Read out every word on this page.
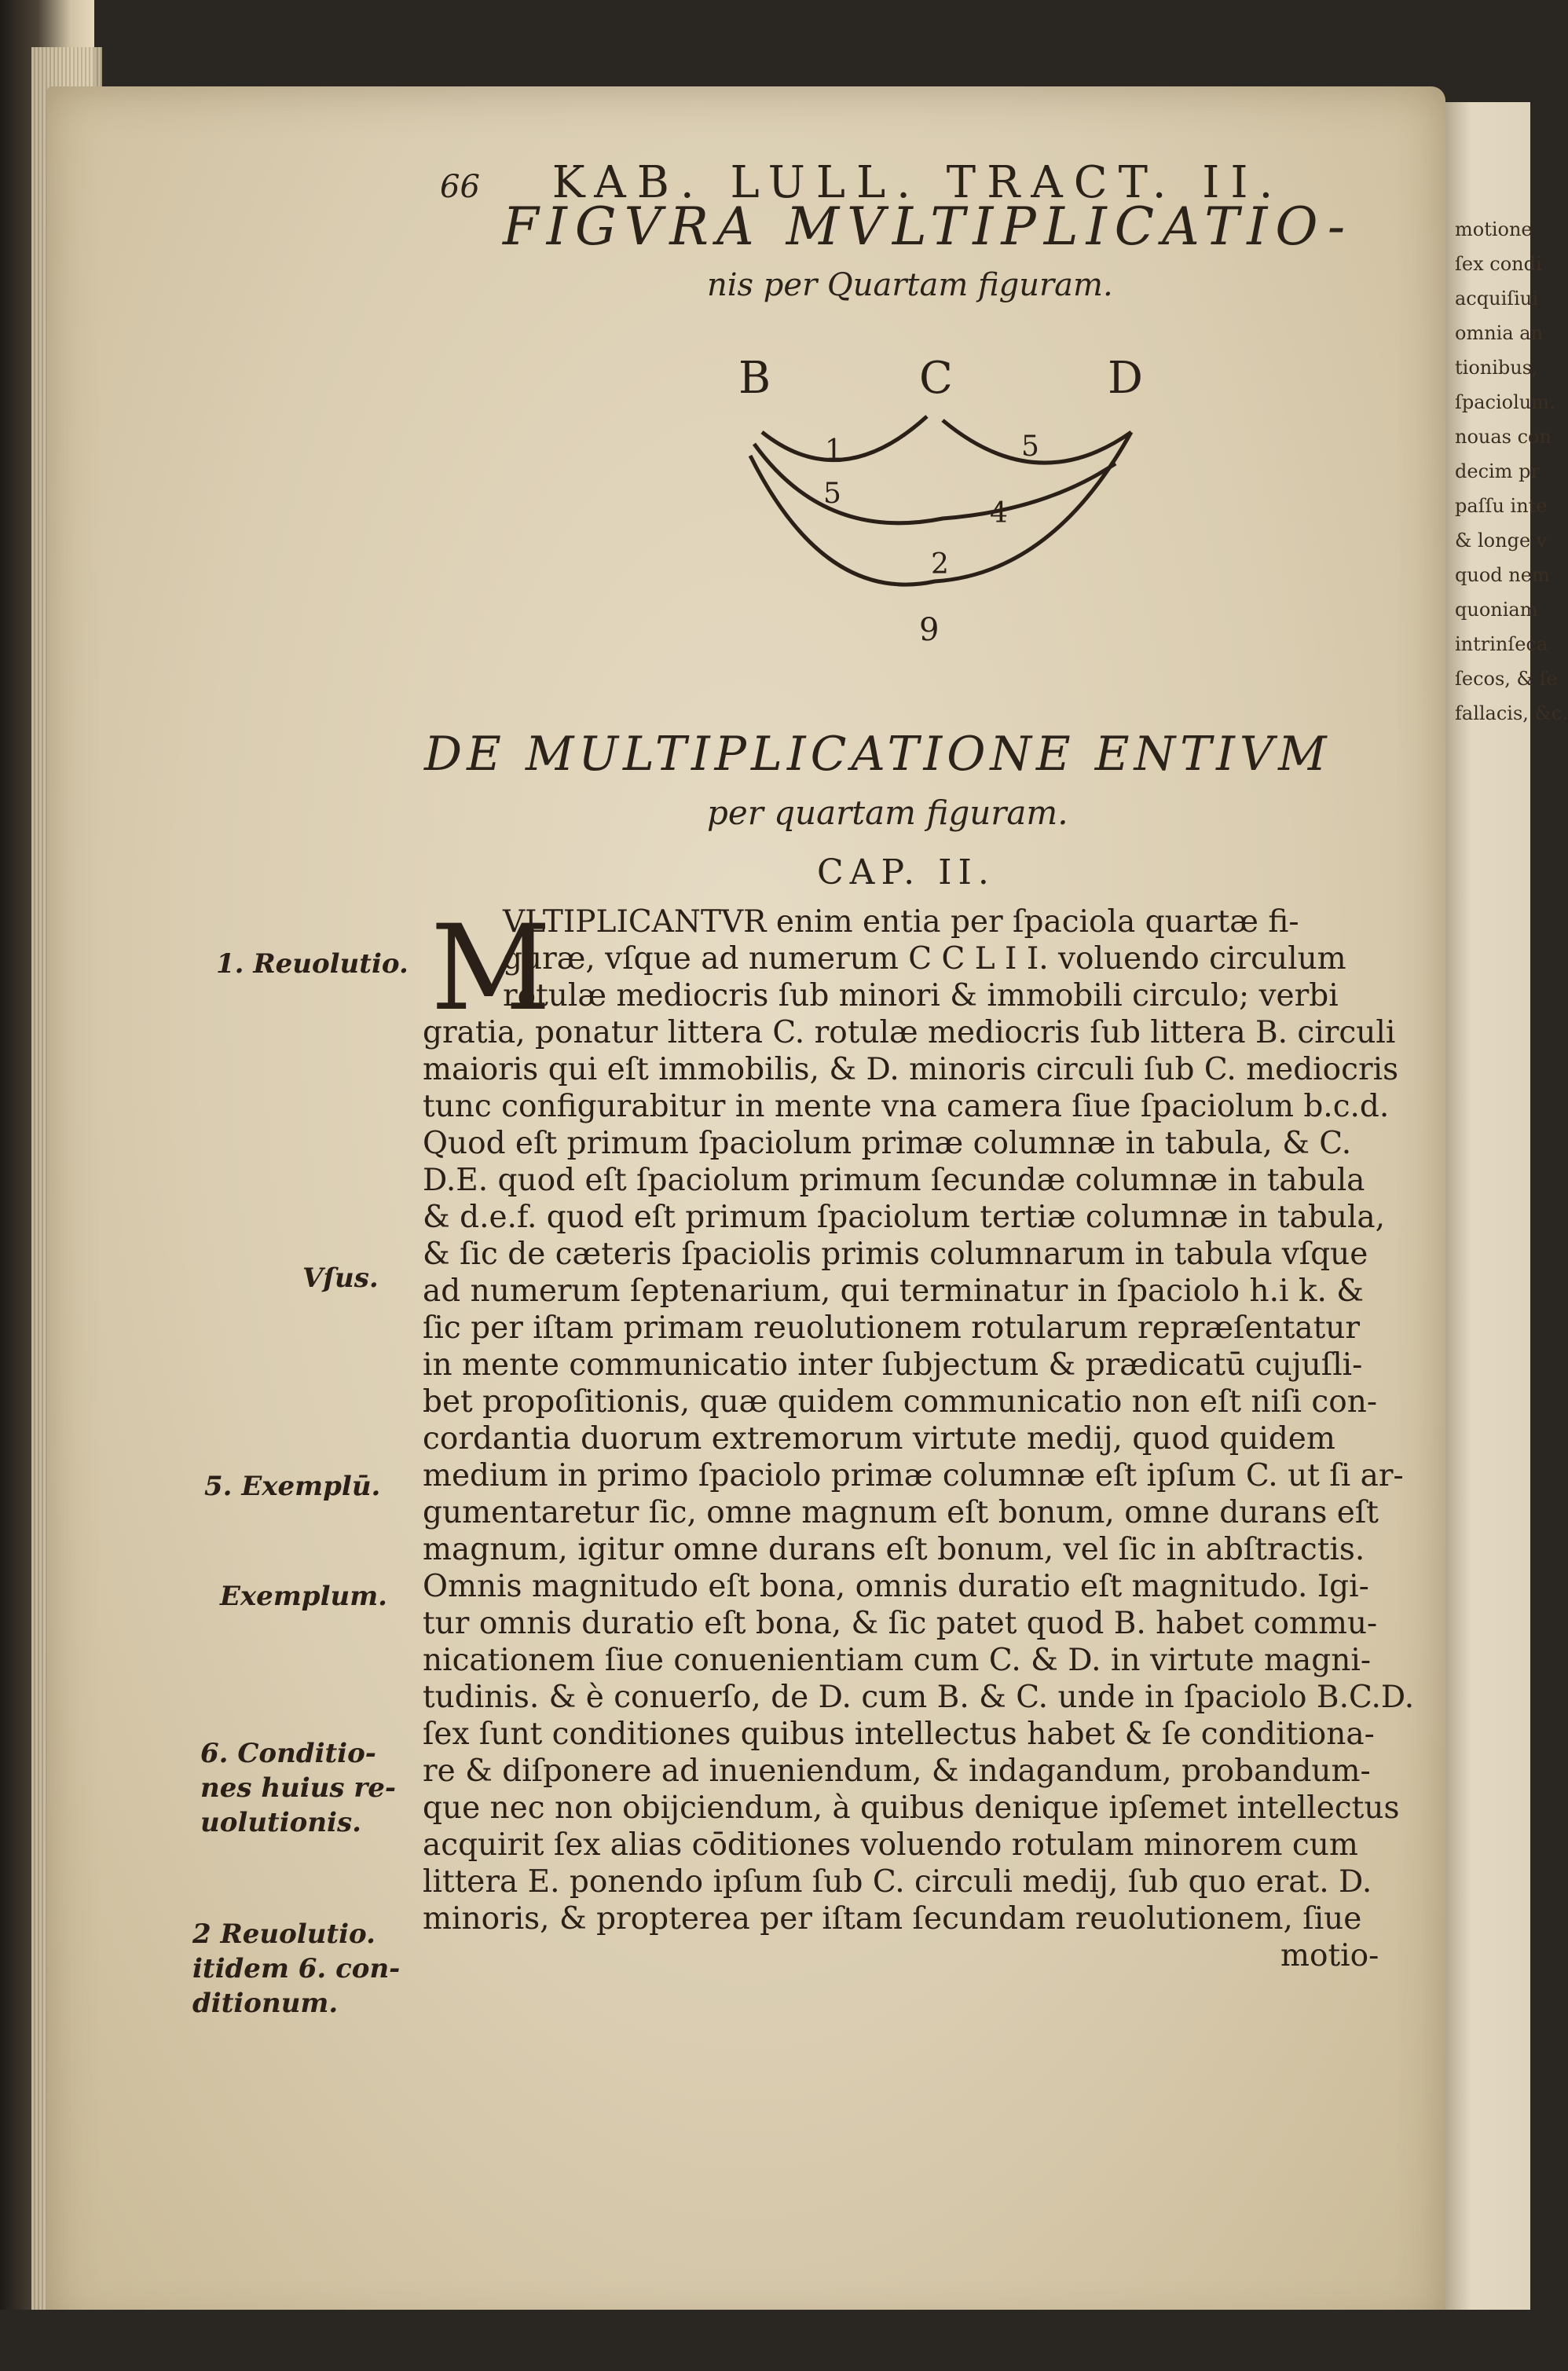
motione
ſex condi
acquiſiui
omnia an
tionibus,
ſpaciolum.
nouas con
decim pr
paſſu inte
& longe v
quod nem
quoniam
intrinſeca
ſecos, & ſe
fallacis, &c.
66 KAB. LULL. TRACT. II.
FIGVRA MVLTIPLICATIO-
nis per Quartam figuram.
B	C	D
1	5
5
4
2
9
DE MULTIPLICATIONE ENTIVM
per quartam figuram.
CAP. II.
M
VLTIPLICANTVR enim entia per ſpaciola quartæ fi-
guræ, vſque ad numerum C C L I I. voluendo circulum
rotulæ mediocris ſub minori & immobili circulo; verbi
gratia, ponatur littera C. rotulæ mediocris ſub littera B. circuli
maioris qui eſt immobilis, & D. minoris circuli ſub C. mediocris
tunc configurabitur in mente vna camera ſiue ſpaciolum b.c.d.
Quod eſt primum ſpaciolum primæ columnæ in tabula, & C.
D.E. quod eſt ſpaciolum primum ſecundæ columnæ in tabula
& d.e.f. quod eſt primum ſpaciolum tertiæ columnæ in tabula,
& ſic de cæteris ſpaciolis primis columnarum in tabula vſque
ad numerum ſeptenarium, qui terminatur in ſpaciolo h.i k. &
ſic per iſtam primam reuolutionem rotularum repræſentatur
in mente communicatio inter ſubjectum & prædicatū cujuſli-
bet propoſitionis, quæ quidem communicatio non eſt niſi con-
cordantia duorum extremorum virtute medij, quod quidem
medium in primo ſpaciolo primæ columnæ eſt ipſum C. ut ſi ar-
gumentaretur ſic, omne magnum eſt bonum, omne durans eſt
magnum, igitur omne durans eſt bonum, vel ſic in abſtractis.
Omnis magnitudo eſt bona, omnis duratio eſt magnitudo. Igi-
tur omnis duratio eſt bona, & ſic patet quod B. habet commu-
nicationem ſiue conuenientiam cum C. & D. in virtute magni-
tudinis. & è conuerſo, de D. cum B. & C. unde in ſpaciolo B.C.D.
ſex ſunt conditiones quibus intellectus habet & ſe conditiona-
re & diſponere ad inueniendum, & indagandum, probandum-
que nec non obijciendum, à quibus denique ipſemet intellectus
acquirit ſex alias cōditiones voluendo rotulam minorem cum
littera E. ponendo ipſum ſub C. circuli medij, ſub quo erat. D.
minoris, & propterea per iſtam ſecundam reuolutionem, ſiue
motio-
1. Reuolutio.
Vſus.
5. Exemplū.
Exemplum.
6. Conditio-
nes huius re-
uolutionis.
2 Reuolutio.
itidem 6. con-
ditionum.
